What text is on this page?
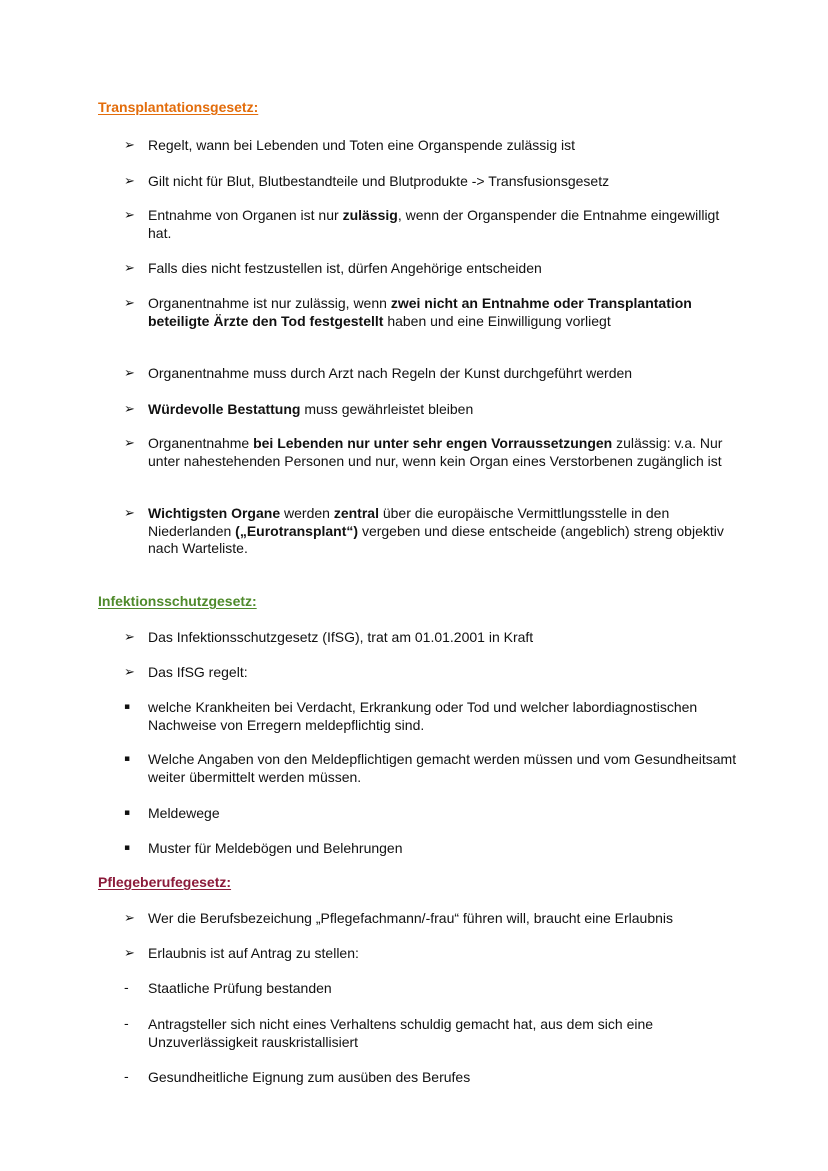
Transplantationsgesetz:
➢ Regelt, wann bei Lebenden und Toten eine Organspende zulässig ist
➢ Gilt nicht für Blut, Blutbestandteile und Blutprodukte -> Transfusionsgesetz
➢ Entnahme von Organen ist nur zulässig, wenn der Organspender die Entnahme eingewilligt hat.
➢ Falls dies nicht festzustellen ist, dürfen Angehörige entscheiden
➢ Organentnahme ist nur zulässig, wenn zwei nicht an Entnahme oder Transplantation beteiligte Ärzte den Tod festgestellt haben und eine Einwilligung vorliegt
➢ Organentnahme muss durch Arzt nach Regeln der Kunst durchgeführt werden
➢ Würdevolle Bestattung muss gewährleistet bleiben
➢ Organentnahme bei Lebenden nur unter sehr engen Vorraussetzungen zulässig: v.a. Nur unter nahestehenden Personen und nur, wenn kein Organ eines Verstorbenen zugänglich ist
➢ Wichtigsten Organe werden zentral über die europäische Vermittlungsstelle in den Niederlanden („Eurotransplant“) vergeben und diese entscheide (angeblich) streng objektiv nach Warteliste.
Infektionsschutzgesetz:
➢ Das Infektionsschutzgesetz (IfSG), trat am 01.01.2001 in Kraft
➢ Das IfSG regelt:
▪	welche Krankheiten bei Verdacht, Erkrankung oder Tod und welcher labordiagnostischen Nachweise von Erregern meldepflichtig sind.
▪	Welche Angaben von den Meldepflichtigen gemacht werden müssen und vom Gesundheitsamt weiter übermittelt werden müssen.
▪	Meldewege
▪	Muster für Meldebögen und Belehrungen
Pflegeberufegesetz:
➢ Wer die Berufsbezeichung „Pflegefachmann/-frau“ führen will, braucht eine Erlaubnis
➢ Erlaubnis ist auf Antrag zu stellen:
-	Staatliche Prüfung bestanden
-	Antragsteller sich nicht eines Verhaltens schuldig gemacht hat, aus dem sich eine Unzuverlässigkeit rauskristallisiert
-	Gesundheitliche Eignung zum ausüben des Berufes
